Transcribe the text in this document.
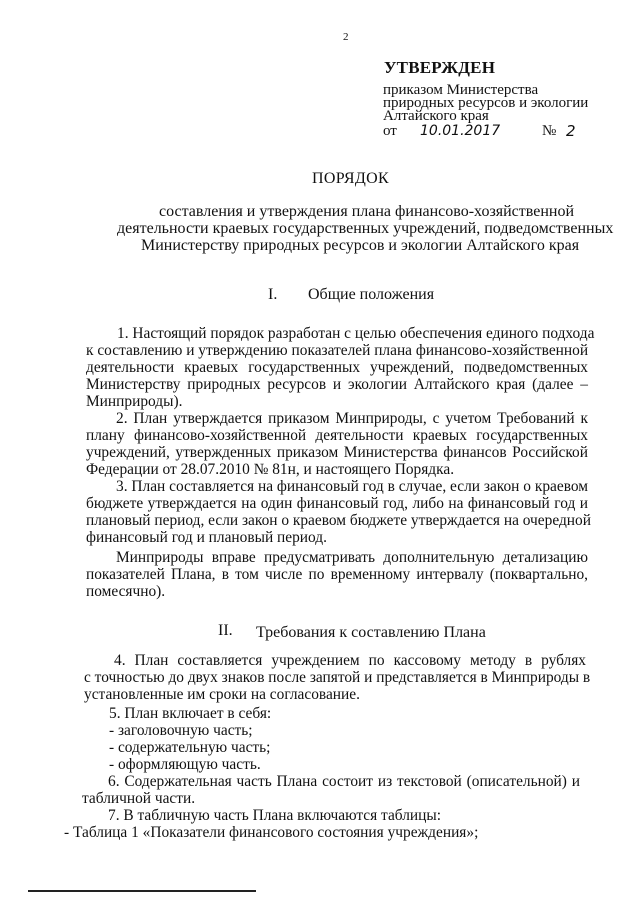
2
УТВЕРЖДЕН
приказом Министерства
природных ресурсов и экологии
Алтайского края
от 10.01.2017	№ 2
ПОРЯДОК
составления и утверждения плана финансово-хозяйственной
деятельности краевых государственных учреждений, подведомственных
Министерству природных ресурсов и экологии Алтайского края
I. Общие положения
1. Настоящий порядок разработан с целью обеспечения единого подхода
к составлению и утверждению показателей плана финансово-хозяйственной
деятельности краевых государственных учреждений, подведомственных
Министерству природных ресурсов и экологии Алтайского края (далее –
Минприроды).
2. План утверждается приказом Минприроды, с учетом Требований к
плану финансово-хозяйственной деятельности краевых государственных
учреждений, утвержденных приказом Министерства финансов Российской
Федерации от 28.07.2010 № 81н, и настоящего Порядка.
3. План составляется на финансовый год в случае, если закон о краевом
бюджете утверждается на один финансовый год, либо на финансовый год и
плановый период, если закон о краевом бюджете утверждается на очередной
финансовый год и плановый период.
Минприроды вправе предусматривать дополнительную детализацию
показателей Плана, в том числе по временному интервалу (поквартально,
помесячно).
II. Требования к составлению Плана
4. План составляется учреждением по кассовому методу в рублях
с точностью до двух знаков после запятой и представляется в Минприроды в
установленные им сроки на согласование.
5. План включает в себя:
- заголовочную часть;
- содержательную часть;
- оформляющую часть.
6. Содержательная часть Плана состоит из текстовой (описательной) и
табличной части.
7. В табличную часть Плана включаются таблицы:
- Таблица 1 «Показатели финансового состояния учреждения»;
